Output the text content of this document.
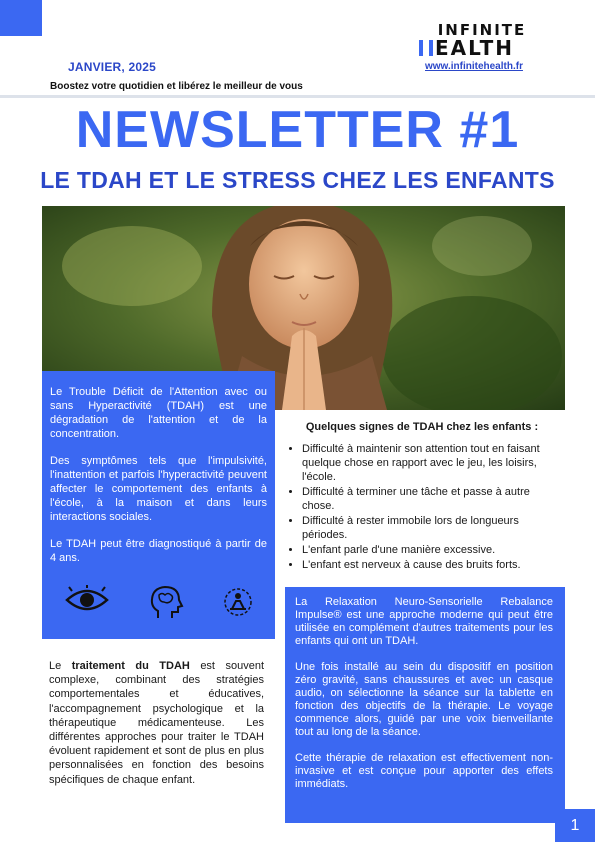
JANVIER, 2025
Boostez votre quotidien et libérez le meilleur de vous
INFINITE
EALTH
www.infinitehealth.fr
NEWSLETTER #1
LE TDAH ET LE STRESS CHEZ LES ENFANTS

Le Trouble Déficit de l'Attention avec ou sans Hyperactivité (TDAH) est une dégradation de l'attention et de la concentration.

Des symptômes tels que l'impulsivité, l'inattention et parfois l'hyperactivité peuvent affecter le comportement des enfants à l'école, à la maison et dans leurs interactions sociales.

Le TDAH peut être diagnostiqué à partir de 4 ans.

Quelques signes de TDAH chez les enfants :
• Difficulté à maintenir son attention tout en faisant quelque chose en rapport avec le jeu, les loisirs, l'école.
• Difficulté à terminer une tâche et passe à autre chose.
• Difficulté à rester immobile lors de longueurs périodes.
• L'enfant parle d'une manière excessive.
• L'enfant est nerveux à cause des bruits forts.

La Relaxation Neuro-Sensorielle Rebalance Impulse® est une approche moderne qui peut être utilisée en complément d'autres traitements pour les enfants qui ont un TDAH.

Une fois installé au sein du dispositif en position zéro gravité, sans chaussures et avec un casque audio, on sélectionne la séance sur la tablette en fonction des objectifs de la thérapie. Le voyage commence alors, guidé par une voix bienveillante tout au long de la séance.

Cette thérapie de relaxation est effectivement non-invasive et est conçue pour apporter des effets immédiats.

Le traitement du TDAH est souvent complexe, combinant des stratégies comportementales et éducatives, l'accompagnement psychologique et la thérapeutique médicamenteuse. Les différentes approches pour traiter le TDAH évoluent rapidement et sont de plus en plus personnalisées en fonction des besoins spécifiques de chaque enfant.
1
